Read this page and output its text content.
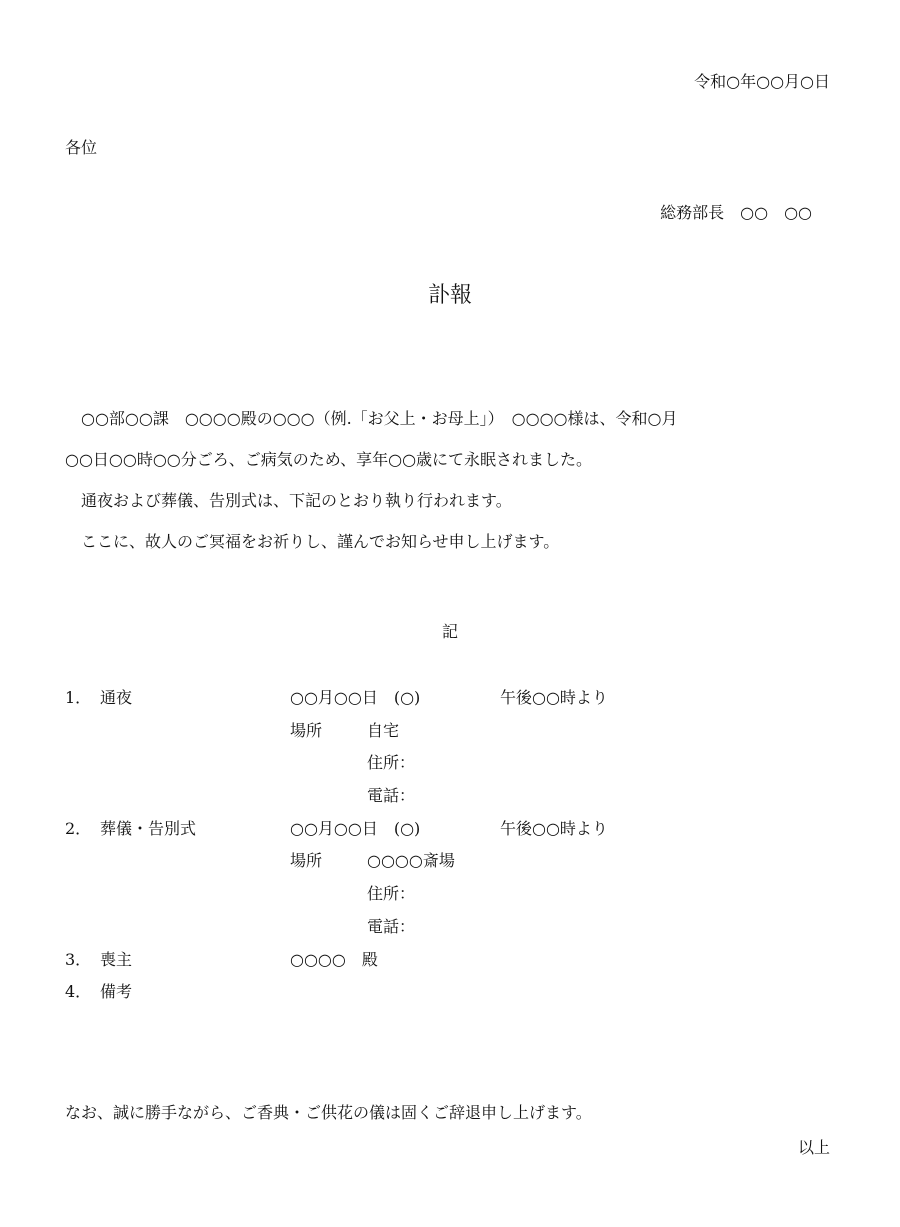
令和○年○○月○日
各位
総務部長　○○　○○
訃報

　○○部○○課　○○○○殿の○○○（例.「お父上・お母上」）　○○○○様は、令和○月

○○日○○時○○分ごろ、ご病気のため、享年○○歳にて永眠されました。

　通夜および葬儀、告別式は、下記のとおり執り行われます。

　ここに、故人のご冥福をお祈りし、謹んでお知らせ申し上げます。

記
1． 通夜	○○月○○日　(○)	午後○○時より
場所	自宅
住所：
電話：
2． 葬儀・告別式	○○月○○日　(○)	午後○○時より
場所	○○○○斎場
住所：
電話：
3． 喪主	○○○○　殿
4． 備考
なお、誠に勝手ながら、ご香典・ご供花の儀は固くご辞退申し上げます。
以上
